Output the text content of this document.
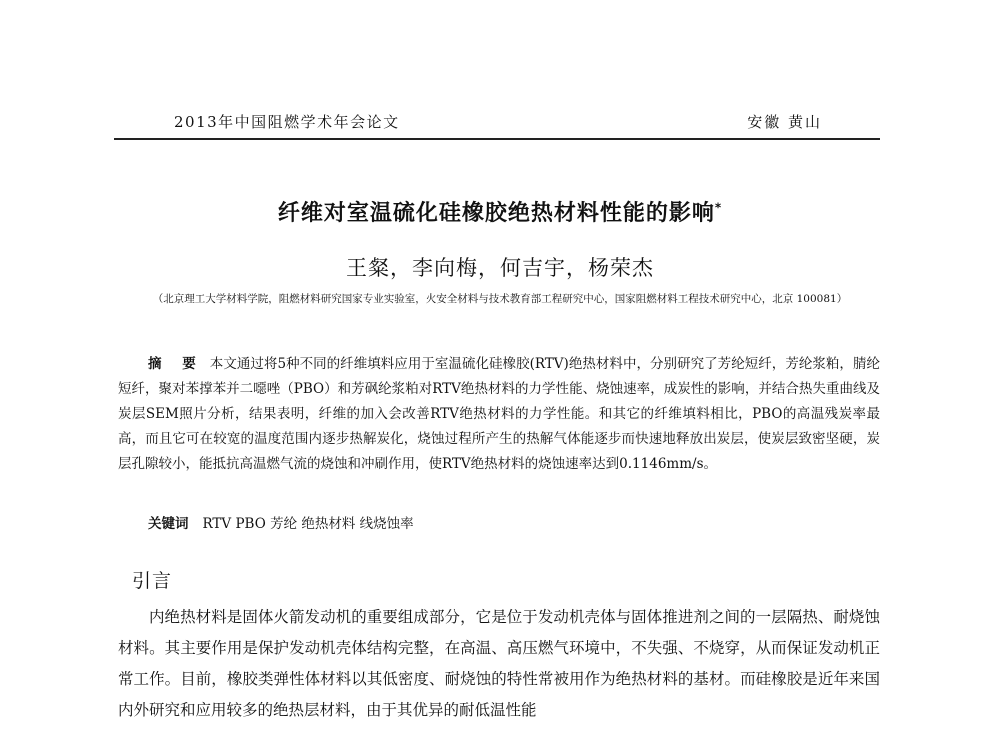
2013年中国阻燃学术年会论文	安徽 黄山
纤维对室温硫化硅橡胶绝热材料性能的影响*
王粲，李向梅，何吉宇，杨荣杰
（北京理工大学材料学院，阻燃材料研究国家专业实验室，火安全材料与技术教育部工程研究中心，国家阻燃材料工程技术研究中心，北京 100081）
摘 要 本文通过将5种不同的纤维填料应用于室温硫化硅橡胶(RTV)绝热材料中，分别研究了芳纶短纤，芳纶浆粕，腈纶短纤，聚对苯撑苯并二噁唑（PBO）和芳砜纶浆粕对RTV绝热材料的力学性能、烧蚀速率，成炭性的影响，并结合热失重曲线及炭层SEM照片分析，结果表明，纤维的加入会改善RTV绝热材料的力学性能。和其它的纤维填料相比，PBO的高温残炭率最高，而且它可在较宽的温度范围内逐步热解炭化，烧蚀过程所产生的热解气体能逐步而快速地释放出炭层，使炭层致密坚硬，炭层孔隙较小，能抵抗高温燃气流的烧蚀和冲刷作用，使RTV绝热材料的烧蚀速率达到0.1146mm/s。
关键词 RTV PBO 芳纶 绝热材料 线烧蚀率
引言
内绝热材料是固体火箭发动机的重要组成部分，它是位于发动机壳体与固体推进剂之间的一层隔热、耐烧蚀材料。其主要作用是保护发动机壳体结构完整，在高温、高压燃气环境中，不失强、不烧穿，从而保证发动机正常工作。目前，橡胶类弹性体材料以其低密度、耐烧蚀的特性常被用作为绝热材料的基材。而硅橡胶是近年来国内外研究和应用较多的绝热层材料，由于其优异的耐低温性能
